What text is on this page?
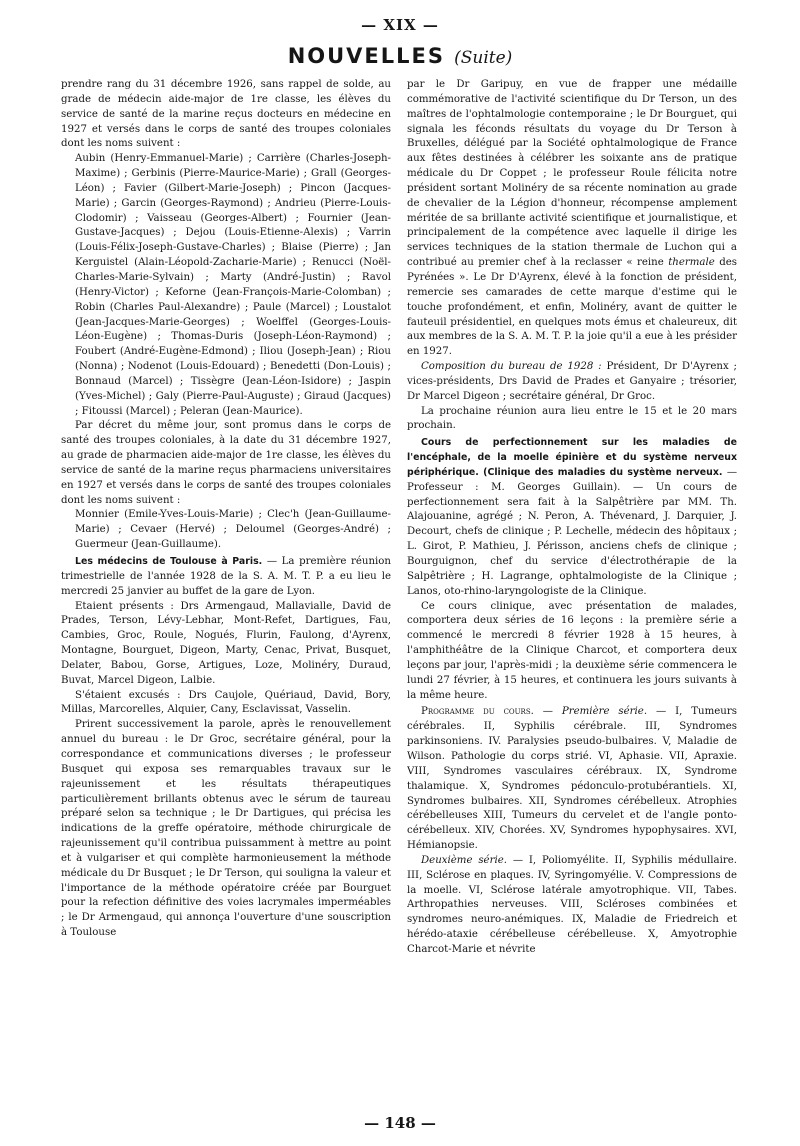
— XIX —
NOUVELLES (Suite)

prendre rang du 31 décembre 1926, sans rappel de solde, au grade de médecin aide-major de 1re classe, les élèves du service de santé de la marine reçus docteurs en médecine en 1927 et versés dans le corps de santé des troupes coloniales dont les noms suivent :

Aubin (Henry-Emmanuel-Marie) ; Carrière (Charles-Joseph-Maxime) ; Gerbinis (Pierre-Maurice-Marie) ; Grall (Georges-Léon) ; Favier (Gilbert-Marie-Joseph) ; Pincon (Jacques-Marie) ; Garcin (Georges-Raymond) ; Andrieu (Pierre-Louis-Clodomir) ; Vaisseau (Georges-Albert) ; Fournier (Jean-Gustave-Jacques) ; Dejou (Louis-Etienne-Alexis) ; Varrin (Louis-Félix-Joseph-Gustave-Charles) ; Blaise (Pierre) ; Jan Kerguistel (Alain-Léopold-Zacharie-Marie) ; Renucci (Noël-Charles-Marie-Sylvain) ; Marty (André-Justin) ; Ravol (Henry-Victor) ; Keforne (Jean-François-Marie-Colomban) ; Robin (Charles Paul-Alexandre) ; Paule (Marcel) ; Loustalot (Jean-Jacques-Marie-Georges) ; Woelffel (Georges-Louis-Léon-Eugène) ; Thomas-Duris (Joseph-Léon-Raymond) ; Foubert (André-Eugène-Edmond) ; Iliou (Joseph-Jean) ; Riou (Nonna) ; Nodenot (Louis-Edouard) ; Benedetti (Don-Louis) ; Bonnaud (Marcel) ; Tissègre (Jean-Léon-Isidore) ; Jaspin (Yves-Michel) ; Galy (Pierre-Paul-Auguste) ; Giraud (Jacques) ; Fitoussi (Marcel) ; Peleran (Jean-Maurice).

Par décret du même jour, sont promus dans le corps de santé des troupes coloniales, à la date du 31 décembre 1927, au grade de pharmacien aide-major de 1re classe, les élèves du service de santé de la marine reçus pharmaciens universitaires en 1927 et versés dans le corps de santé des troupes coloniales dont les noms suivent :

Monnier (Emile-Yves-Louis-Marie) ; Clec'h (Jean-Guillaume-Marie) ; Cevaer (Hervé) ; Deloumel (Georges-André) ; Guermeur (Jean-Guillaume).

Les médecins de Toulouse à Paris. — La première réunion trimestrielle de l'année 1928 de la S. A. M. T. P. a eu lieu le mercredi 25 janvier au buffet de la gare de Lyon.

Etaient présents : Drs Armengaud, Mallavialle, David de Prades, Terson, Lévy-Lebhar, Mont-Refet, Dartigues, Fau, Cambies, Groc, Roule, Nogués, Flurin, Faulong, d'Ayrenx, Montagne, Bourguet, Digeon, Marty, Cenac, Privat, Busquet, Delater, Babou, Gorse, Artigues, Loze, Molinéry, Duraud, Buvat, Marcel Digeon, Lalbie.

S'étaient excusés : Drs Caujole, Quériaud, David, Bory, Millas, Marcorelles, Alquier, Cany, Esclavissat, Vasselin.

Prirent successivement la parole, après le renouvellement annuel du bureau : le Dr Groc, secrétaire général, pour la correspondance et communications diverses ; le professeur Busquet qui exposa ses remarquables travaux sur le rajeunissement et les résultats thérapeutiques particulièrement brillants obtenus avec le sérum de taureau préparé selon sa technique ; le Dr Dartigues, qui précisa les indications de la greffe opératoire, méthode chirurgicale de rajeunissement qu'il contribua puissamment à mettre au point et à vulgariser et qui complète harmonieusement la méthode médicale du Dr Busquet ; le Dr Terson, qui souligna la valeur et l'importance de la méthode opératoire créée par Bourguet pour la refection définitive des voies lacrymales imperméables ; le Dr Armengaud, qui annonça l'ouverture d'une souscription à Toulouse

par le Dr Garipuy, en vue de frapper une médaille commémorative de l'activité scientifique du Dr Terson, un des maîtres de l'ophtalmologie contemporaine ; le Dr Bourguet, qui signala les féconds résultats du voyage du Dr Terson à Bruxelles, délégué par la Société ophtalmologique de France aux fêtes destinées à célébrer les soixante ans de pratique médicale du Dr Coppet ; le professeur Roule félicita notre président sortant Molinéry de sa récente nomination au grade de chevalier de la Légion d'honneur, récompense amplement méritée de sa brillante activité scientifique et journalistique, et principalement de la compétence avec laquelle il dirige les services techniques de la station thermale de Luchon qui a contribué au premier chef à la reclasser « reine thermale des Pyrénées ». Le Dr D'Ayrenx, élevé à la fonction de président, remercie ses camarades de cette marque d'estime qui le touche profondément, et enfin, Molinéry, avant de quitter le fauteuil présidentiel, en quelques mots émus et chaleureux, dit aux membres de la S. A. M. T. P. la joie qu'il a eue à les présider en 1927.

Composition du bureau de 1928 : Président, Dr D'Ayrenx ; vices-présidents, Drs David de Prades et Ganyaire ; trésorier, Dr Marcel Digeon ; secrétaire général, Dr Groc.

La prochaine réunion aura lieu entre le 15 et le 20 mars prochain.

Cours de perfectionnement sur les maladies de l'encéphale, de la moelle épinière et du système nerveux périphérique. (Clinique des maladies du système nerveux. — Professeur : M. Georges Guillain). — Un cours de perfectionnement sera fait à la Salpêtrière par MM. Th. Alajouanine, agrégé ; N. Peron, A. Thévenard, J. Darquier, J. Decourt, chefs de clinique ; P. Lechelle, médecin des hôpitaux ; L. Girot, P. Mathieu, J. Périsson, anciens chefs de clinique ; Bourguignon, chef du service d'électrothérapie de la Salpêtrière ; H. Lagrange, ophtalmologiste de la Clinique ; Lanos, oto-rhino-laryngologiste de la Clinique.

Ce cours clinique, avec présentation de malades, comportera deux séries de 16 leçons : la première série a commencé le mercredi 8 février 1928 à 15 heures, à l'amphithéâtre de la Clinique Charcot, et comportera deux leçons par jour, l'après-midi ; la deuxième série commencera le lundi 27 février, à 15 heures, et continuera les jours suivants à la même heure.

Programme du cours. — Première série. — I, Tumeurs cérébrales. II, Syphilis cérébrale. III, Syndromes parkinsoniens. IV. Paralysies pseudo-bulbaires. V, Maladie de Wilson. Pathologie du corps strié. VI, Aphasie. VII, Apraxie. VIII, Syndromes vasculaires cérébraux. IX, Syndrome thalamique. X, Syndromes pédonculo-protubérantiels. XI, Syndromes bulbaires. XII, Syndromes cérébelleux. Atrophies cérébelleuses XIII, Tumeurs du cervelet et de l'angle ponto-cérébelleux. XIV, Chorées. XV, Syndromes hypophysaires. XVI, Hémianopsie.

Deuxième série. — I, Poliomyélite. II, Syphilis médullaire. III, Sclérose en plaques. IV, Syringomyélie. V. Compressions de la moelle. VI, Sclérose latérale amyotrophique. VII, Tabes. Arthropathies nerveuses. VIII, Scléroses combinées et syndromes neuro-anémiques. IX, Maladie de Friedreich et hérédo-ataxie cérébelleuse cérébelleuse. X, Amyotrophie Charcot-Marie et névrite

— 148 —
